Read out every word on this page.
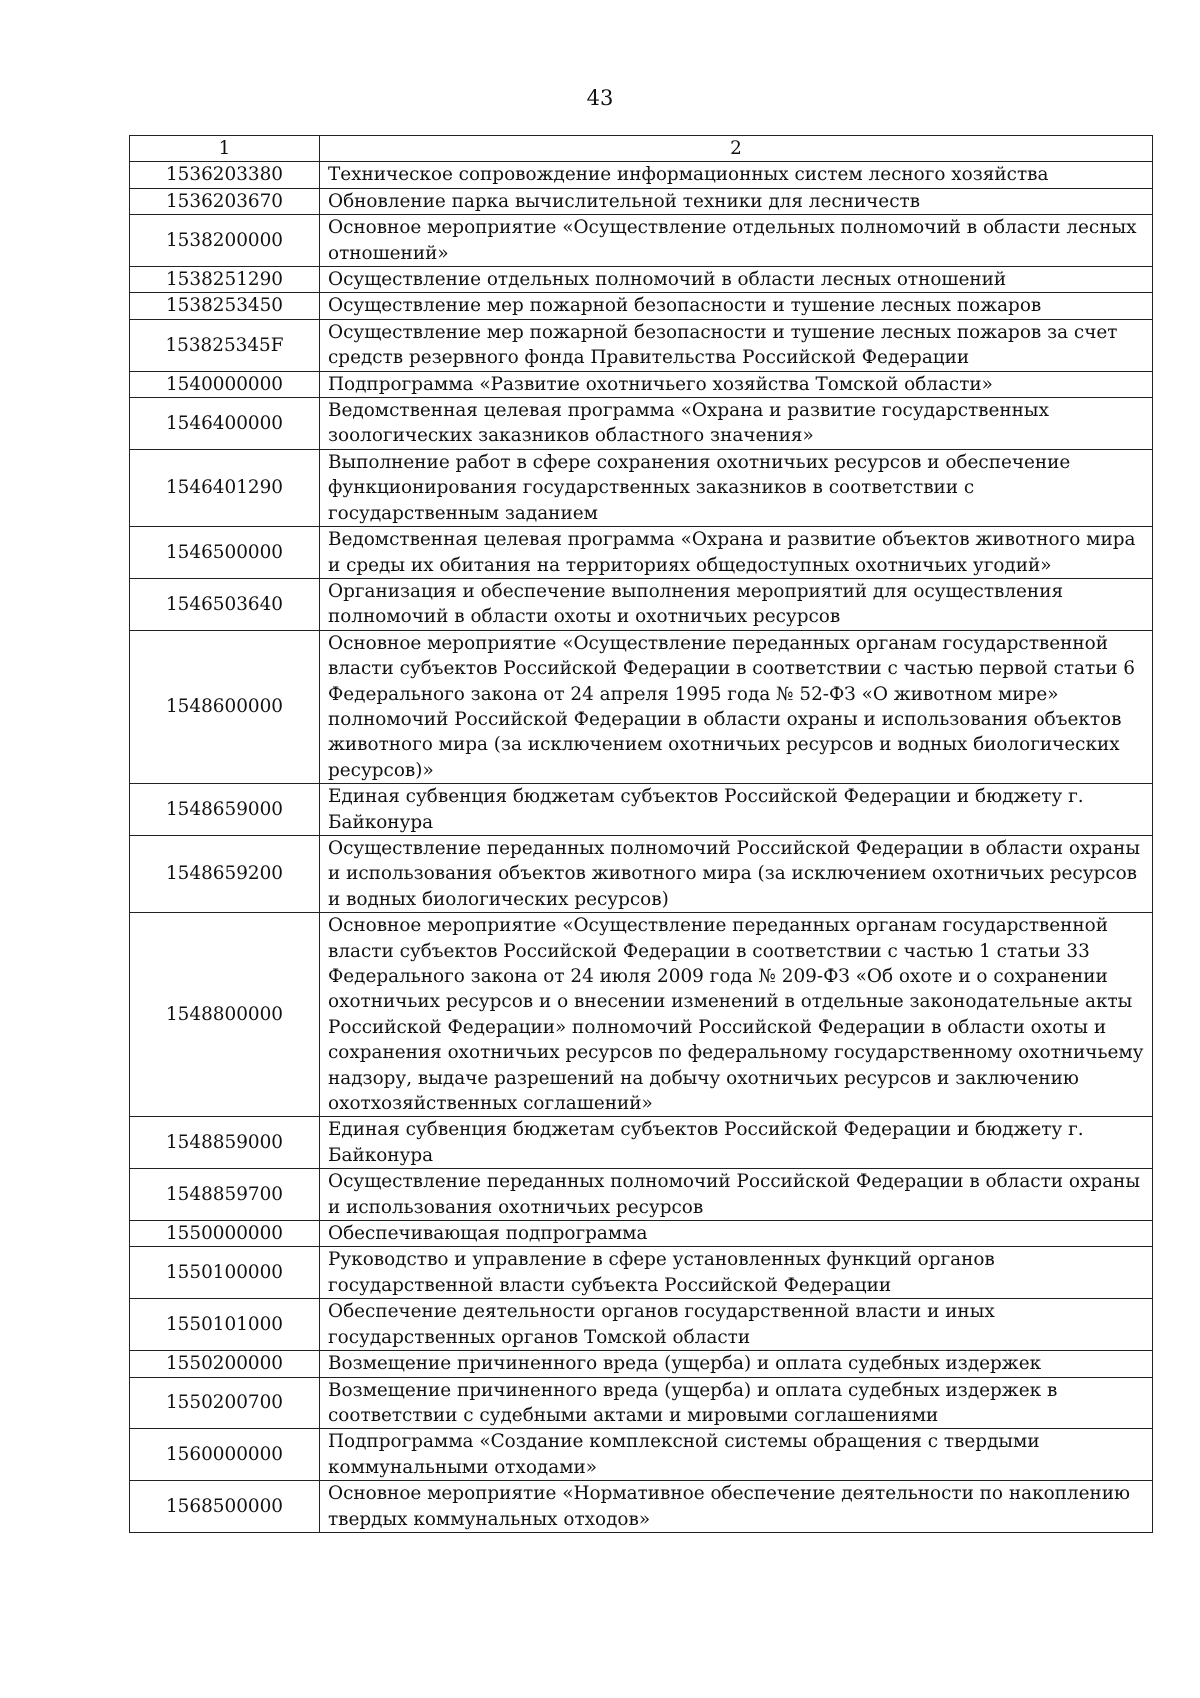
43
1	2
1536203380	Техническое сопровождение информационных систем лесного хозяйства
1536203670	Обновление парка вычислительной техники для лесничеств
1538200000	Основное мероприятие «Осуществление отдельных полномочий в области лесных отношений»
1538251290	Осуществление отдельных полномочий в области лесных отношений
1538253450	Осуществление мер пожарной безопасности и тушение лесных пожаров
153825345F	Осуществление мер пожарной безопасности и тушение лесных пожаров за счет средств резервного фонда Правительства Российской Федерации
1540000000	Подпрограмма «Развитие охотничьего хозяйства Томской области»
1546400000	Ведомственная целевая программа «Охрана и развитие государственных зоологических заказников областного значения»
1546401290	Выполнение работ в сфере сохранения охотничьих ресурсов и обеспечение функционирования государственных заказников в соответствии с государственным заданием
1546500000	Ведомственная целевая программа «Охрана и развитие объектов животного мира и среды их обитания на территориях общедоступных охотничьих угодий»
1546503640	Организация и обеспечение выполнения мероприятий для осуществления полномочий в области охоты и охотничьих ресурсов
1548600000	Основное мероприятие «Осуществление переданных органам государственной власти субъектов Российской Федерации в соответствии с частью первой статьи 6 Федерального закона от 24 апреля 1995 года № 52-ФЗ «О животном мире» полномочий Российской Федерации в области охраны и использования объектов животного мира (за исключением охотничьих ресурсов и водных биологических ресурсов)»
1548659000	Единая субвенция бюджетам субъектов Российской Федерации и бюджету г. Байконура
1548659200	Осуществление переданных полномочий Российской Федерации в области охраны и использования объектов животного мира (за исключением охотничьих ресурсов и водных биологических ресурсов)
1548800000	Основное мероприятие «Осуществление переданных органам государственной власти субъектов Российской Федерации в соответствии с частью 1 статьи 33 Федерального закона от 24 июля 2009 года № 209-ФЗ «Об охоте и о сохранении охотничьих ресурсов и о внесении изменений в отдельные законодательные акты Российской Федерации» полномочий Российской Федерации в области охоты и сохранения охотничьих ресурсов по федеральному государственному охотничьему надзору, выдаче разрешений на добычу охотничьих ресурсов и заключению охотхозяйственных соглашений»
1548859000	Единая субвенция бюджетам субъектов Российской Федерации и бюджету г. Байконура
1548859700	Осуществление переданных полномочий Российской Федерации в области охраны и использования охотничьих ресурсов
1550000000	Обеспечивающая подпрограмма
1550100000	Руководство и управление в сфере установленных функций органов государственной власти субъекта Российской Федерации
1550101000	Обеспечение деятельности органов государственной власти и иных государственных органов Томской области
1550200000	Возмещение причиненного вреда (ущерба) и оплата судебных издержек
1550200700	Возмещение причиненного вреда (ущерба) и оплата судебных издержек в соответствии с судебными актами и мировыми соглашениями
1560000000	Подпрограмма «Создание комплексной системы обращения с твердыми коммунальными отходами»
1568500000	Основное мероприятие «Нормативное обеспечение деятельности по накоплению твердых коммунальных отходов»
